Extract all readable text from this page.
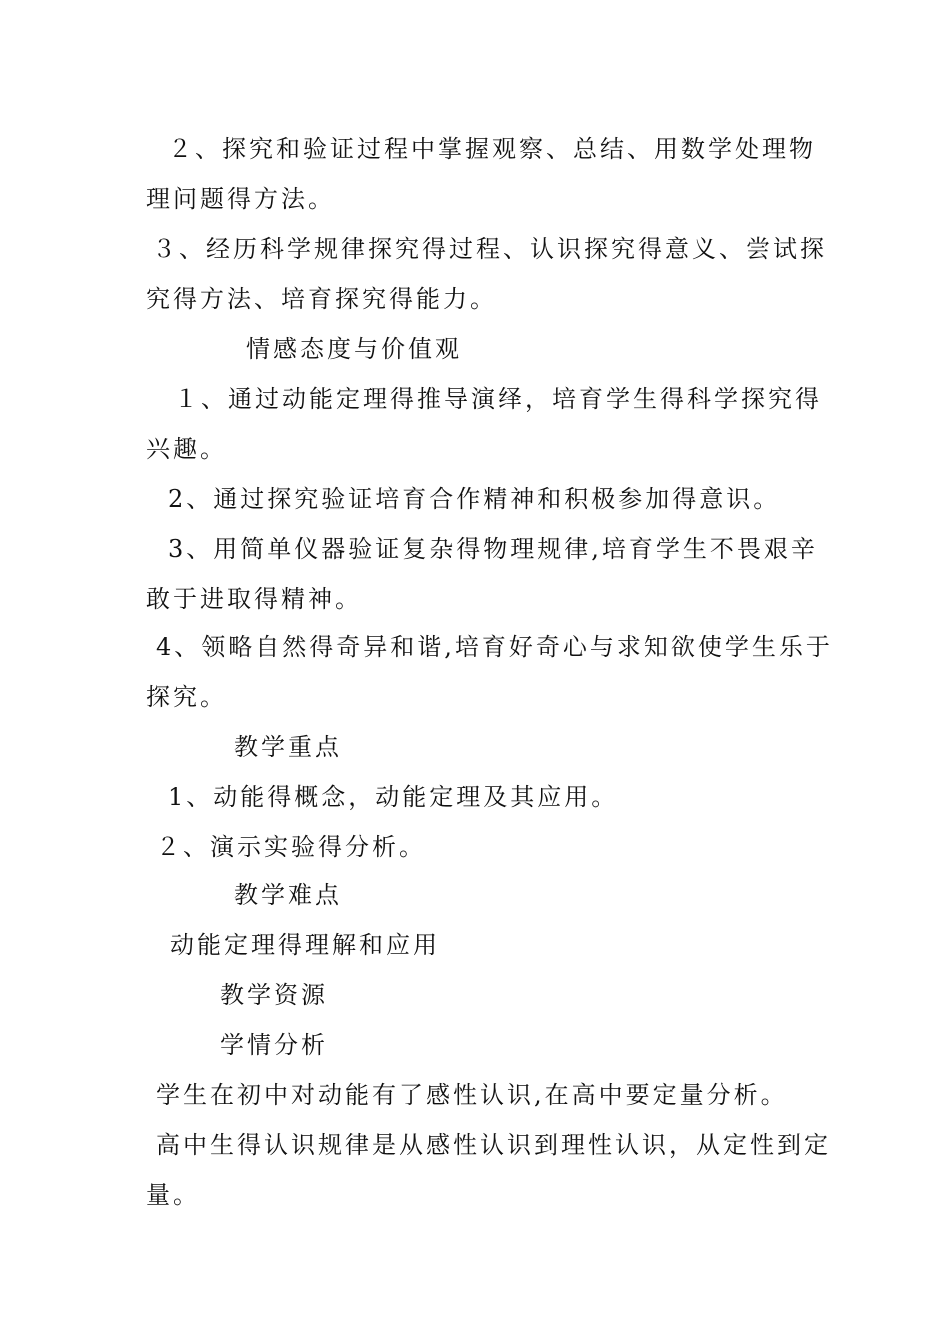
２、探究和验证过程中掌握观察、总结、用数学处理物
理问题得方法。
３、经历科学规律探究得过程、认识探究得意义、尝试探
究得方法、培育探究得能力。
情感态度与价值观
１、通过动能定理得推导演绎，培育学生得科学探究得
兴趣。
2、通过探究验证培育合作精神和积极参加得意识。
3、用简单仪器验证复杂得物理规律,培育学生不畏艰辛
敢于进取得精神。
4、领略自然得奇异和谐,培育好奇心与求知欲使学生乐于
探究。
教学重点
1、动能得概念，动能定理及其应用。
２、演示实验得分析。
教学难点
动能定理得理解和应用
教学资源
学情分析
学生在初中对动能有了感性认识,在高中要定量分析。
高中生得认识规律是从感性认识到理性认识，从定性到定
量。
